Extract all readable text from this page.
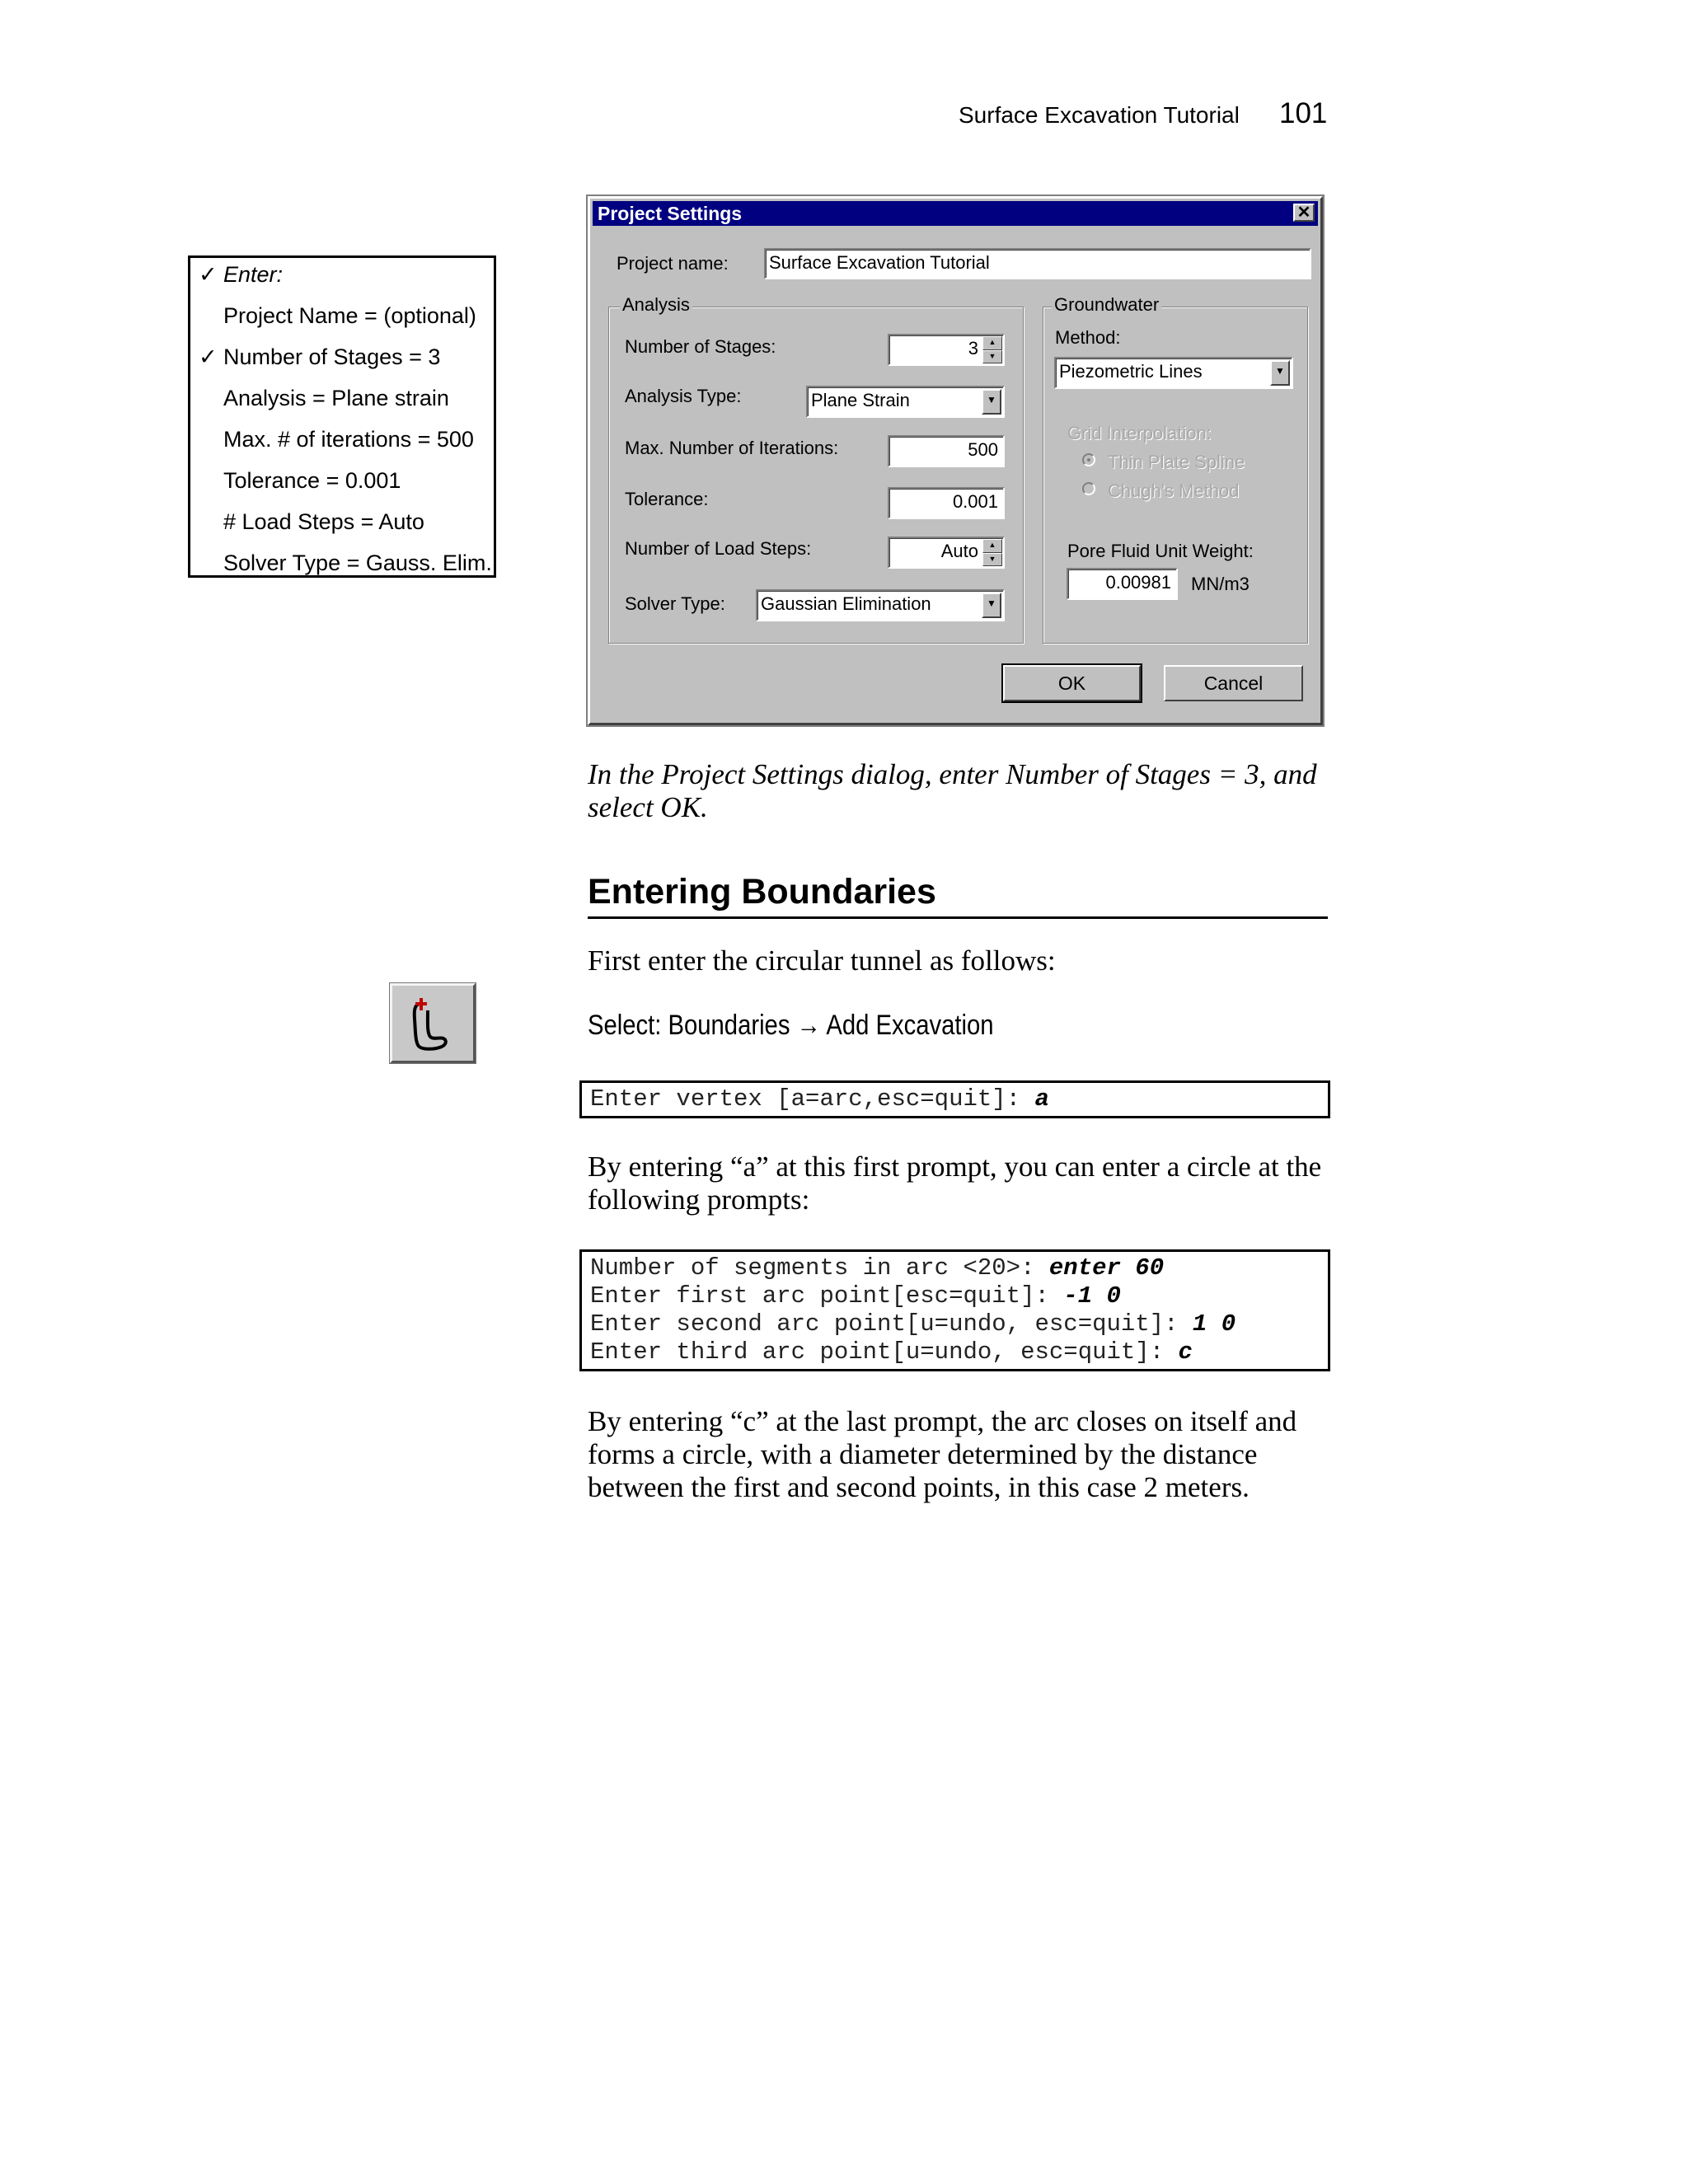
Surface Excavation Tutorial 101
✓ Enter:
Project Name = (optional)
✓ Number of Stages = 3
Analysis = Plane strain
Max. # of iterations = 500
Tolerance = 0.001
# Load Steps = Auto
Solver Type = Gauss. Elim.
Project Settings	✕
Project name: Surface Excavation Tutorial
Analysis
Number of Stages:	3	▲
▼
Analysis Type:	Plane Strain	▼
Max. Number of Iterations:	500
Tolerance:	0.001
Number of Load Steps:	Auto	▲
▼
Solver Type: Gaussian Elimination	▼
Groundwater
Method:
Piezometric Lines	▼
Grid Interpolation:
Thin Plate Spline
Chugh's Method
Pore Fluid Unit Weight:
0.00981 MN/m3
OK	Cancel
In the Project Settings dialog, enter Number of Stages = 3, and select OK.
Entering Boundaries
First enter the circular tunnel as follows:
Select: Boundaries → Add Excavation
Enter vertex [a=arc,esc=quit]: a
By entering “a” at this first prompt, you can enter a circle at the following prompts:
Number of segments in arc <20>: enter 60
Enter first arc point[esc=quit]: -1 0
Enter second arc point[u=undo, esc=quit]: 1 0
Enter third arc point[u=undo, esc=quit]: c
By entering “c” at the last prompt, the arc closes on itself and forms a circle, with a diameter determined by the distance between the first and second points, in this case 2 meters.
